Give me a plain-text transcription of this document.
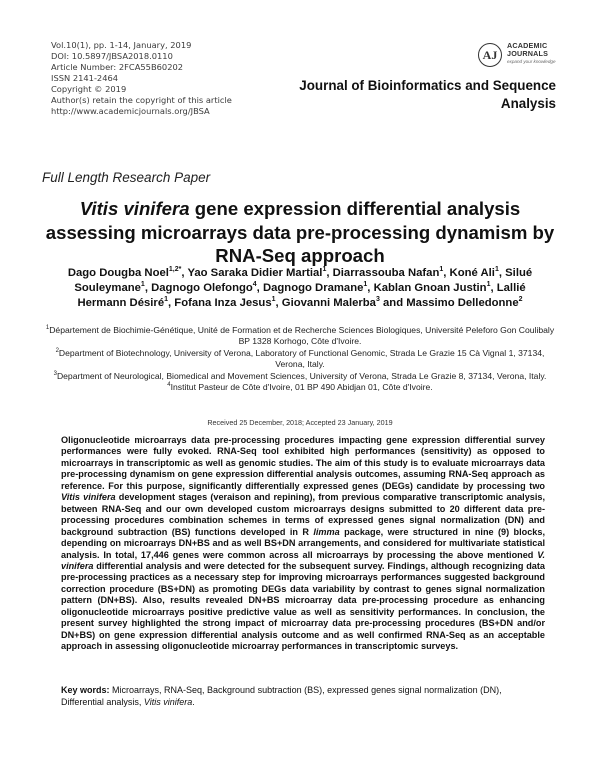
Vol.10(1), pp. 1-14, January, 2019
DOI: 10.5897/JBSA2018.0110
Article Number: 2FCA55B60202
ISSN 2141-2464
Copyright © 2019
Author(s) retain the copyright of this article
http://www.academicjournals.org/JBSA
AJ
ACADEMIC
JOURNALS
expand your knowledge
Journal of Bioinformatics and Sequence Analysis
Full Length Research Paper
Vitis vinifera gene expression differential analysis assessing microarrays data pre-processing dynamism by RNA-Seq approach
Dago Dougba Noel$^{1,2*}$, Yao Saraka Didier Martial$^1$, Diarrassouba Nafan$^1$, Koné Ali$^1$, Silué Souleymane$^1$, Dagnogo Olefongo$^4$, Dagnogo Dramane$^1$, Kablan Gnoan Justin$^1$, Lallié Hermann Désiré$^1$, Fofana Inza Jesus$^1$, Giovanni Malerba$^3$ and Massimo Delledonne$^2$
$^1$Département de Biochimie-Génétique, Unité de Formation et de Recherche Sciences Biologiques, Université Peleforo Gon Coulibaly BP 1328 Korhogo, Côte d'Ivoire.
$^2$Department of Biotechnology, University of Verona, Laboratory of Functional Genomic, Strada Le Grazie 15 Cà Vignal 1, 37134, Verona, Italy.
$^3$Department of Neurological, Biomedical and Movement Sciences, University of Verona, Strada Le Grazie 8, 37134, Verona, Italy.
$^4$Institut Pasteur de Côte d'Ivoire, 01 BP 490 Abidjan 01, Côte d'Ivoire.
Received 25 December, 2018; Accepted 23 January, 2019
Oligonucleotide microarrays data pre-processing procedures impacting gene expression differential survey performances were fully evoked. RNA-Seq tool exhibited high performances (sensitivity) as opposed to microarrays in transcriptomic as well as genomic studies. The aim of this study is to evaluate microarrays data pre-processing dynamism on gene expression differential analysis outcomes, assuming RNA-Seq approach as reference. For this purpose, significantly differentially expressed genes (DEGs) candidate by processing two Vitis vinifera development stages (veraison and repining), from previous comparative transcriptomic analysis, between RNA-Seq and our own developed custom microarrays designs submitted to 20 different data pre-processing procedures combination schemes in terms of expressed genes signal normalization (DN) and background subtraction (BS) functions developed in R limma package, were structured in nine (9) blocks, depending on microarrays DN+BS and as well BS+DN arrangements, and considered for multivariate statistical analysis. In total, 17,446 genes were common across all microarrays by processing the above mentioned V. vinifera differential analysis and were detected for the subsequent survey. Findings, although recognizing data pre-processing practices as a necessary step for improving microarrays performances suggested background correction procedure (BS+DN) as promoting DEGs data variability by contrast to genes signal normalization pattern (DN+BS). Also, results revealed DN+BS microarray data pre-processing procedure as enhancing oligonucleotide microarrays positive predictive value as well as sensitivity performances. In conclusion, the present survey highlighted the strong impact of microarray data pre-processing procedures (BS+DN and/or DN+BS) on gene expression differential analysis outcome and as well confirmed RNA-Seq as an acceptable approach in assessing oligonucleotide microarray performances in transcriptomic surveys.
Key words: Microarrays, RNA-Seq, Background subtraction (BS), expressed genes signal normalization (DN), Differential analysis, Vitis vinifera.
